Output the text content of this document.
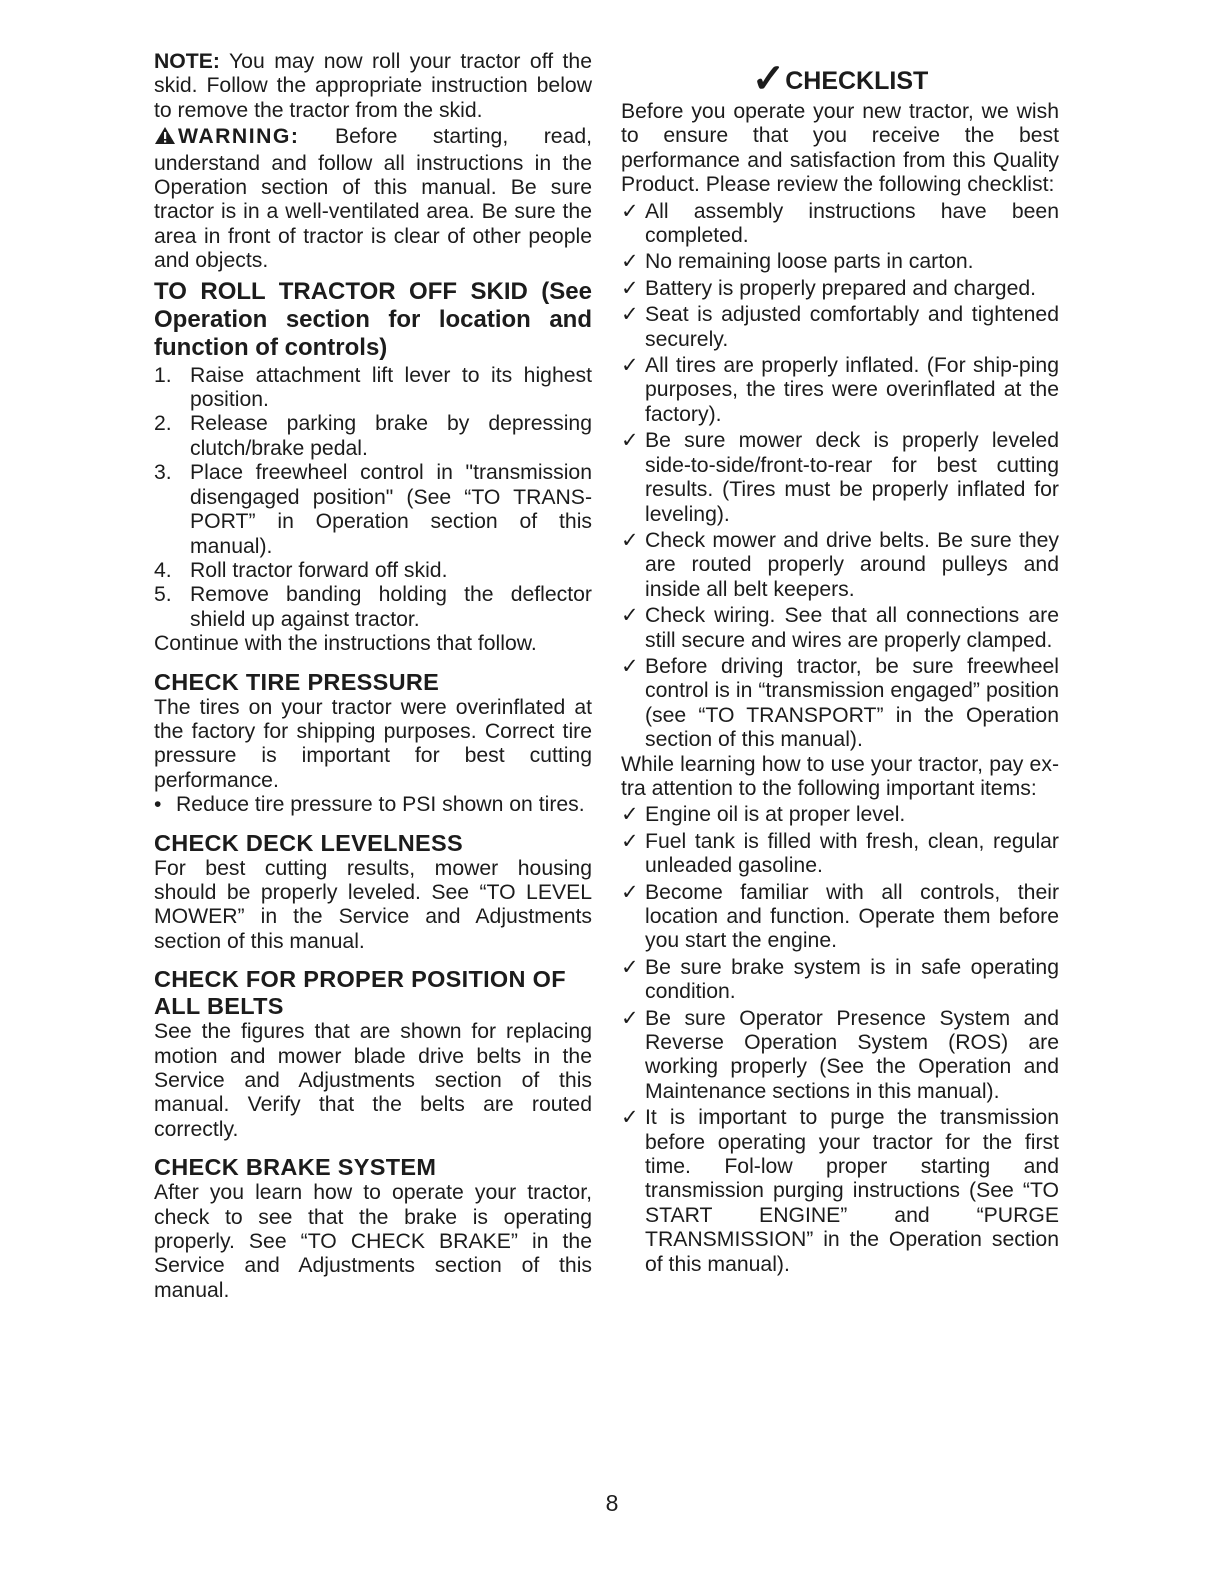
NOTE: You may now roll your tractor off the skid. Follow the appropriate instruction below to remove the tractor from the skid.

WARNING: Before starting, read, understand and follow all instructions in the Operation section of this manual. Be sure tractor is in a well-ventilated area. Be sure the area in front of tractor is clear of other people and objects.

TO ROLL TRACTOR OFF SKID (See Operation section for location and function of controls)
1. Raise attachment lift lever to its highest position.
2. Release parking brake by depressing clutch/brake pedal.
3. Place freewheel control in "transmission disengaged position" (See “TO TRANS-PORT” in Operation section of this manual).
4. Roll tractor forward off skid.
5. Remove banding holding the deflector shield up against tractor.

Continue with the instructions that follow.

CHECK TIRE PRESSURE

The tires on your tractor were overinflated at the factory for shipping purposes. Correct tire pressure is important for best cutting performance.

• Reduce tire pressure to PSI shown on tires.
CHECK DECK LEVELNESS

For best cutting results, mower housing should be properly leveled. See “TO LEVEL MOWER” in the Service and Adjustments section of this manual.

CHECK FOR PROPER POSITION OF ALL BELTS

See the figures that are shown for replacing motion and mower blade drive belts in the Service and Adjustments section of this manual. Verify that the belts are routed correctly.

CHECK BRAKE SYSTEM

After you learn how to operate your tractor, check to see that the brake is operating properly. See “TO CHECK BRAKE” in the Service and Adjustments section of this manual.

✓CHECKLIST

Before you operate your new tractor, we wish to ensure that you receive the best performance and satisfaction from this Quality Product. Please review the following checklist:

✓ All assembly instructions have been completed.
✓ No remaining loose parts in carton.
✓ Battery is properly prepared and charged.
✓ Seat is adjusted comfortably and tightened securely.
✓ All tires are properly inflated. (For ship-ping purposes, the tires were overinflated at the factory).
✓ Be sure mower deck is properly leveled side-to-side/front-to-rear for best cutting results. (Tires must be properly inflated for leveling).
✓ Check mower and drive belts. Be sure they are routed properly around pulleys and inside all belt keepers.
✓ Check wiring. See that all connections are still secure and wires are properly clamped.
✓ Before driving tractor, be sure freewheel control is in “transmission engaged” position (see “TO TRANSPORT” in the Operation section of this manual).

While learning how to use your tractor, pay ex-tra attention to the following important items:

✓ Engine oil is at proper level.
✓ Fuel tank is filled with fresh, clean, regular unleaded gasoline.
✓ Become familiar with all controls, their location and function. Operate them before you start the engine.
✓ Be sure brake system is in safe operating condition.
✓ Be sure Operator Presence System and Reverse Operation System (ROS) are working properly (See the Operation and Maintenance sections in this manual).
✓ It is important to purge the transmission before operating your tractor for the first time. Fol-low proper starting and transmission purging instructions (See “TO START ENGINE” and “PURGE TRANSMISSION” in the Operation section of this manual).
8
